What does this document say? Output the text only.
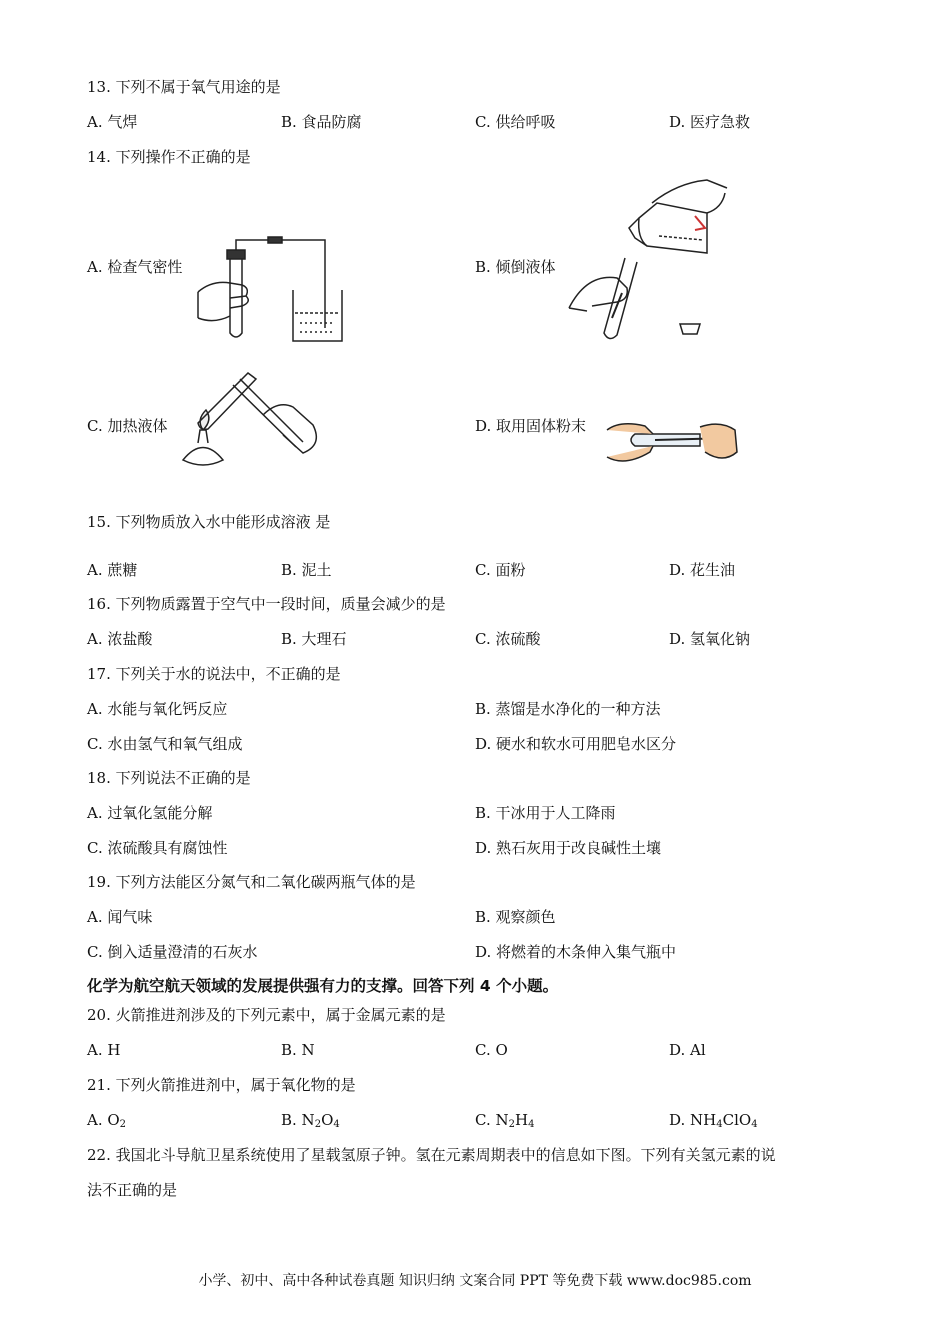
13. 下列不属于氧气用途的是
A. 气焊	B. 食品防腐	C. 供给呼吸	D. 医疗急救
14. 下列操作不正确的是
A. 检查气密性	B. 倾倒液体
C. 加热液体	D. 取用固体粉末
15. 下列物质放入水中能形成溶液 是
A. 蔗糖	B. 泥土	C. 面粉	D. 花生油
16. 下列物质露置于空气中一段时间，质量会减少的是
A. 浓盐酸	B. 大理石	C. 浓硫酸	D. 氢氧化钠
17. 下列关于水的说法中，不正确的是
A. 水能与氧化钙反应	B. 蒸馏是水净化的一种方法
C. 水由氢气和氧气组成	D. 硬水和软水可用肥皂水区分
18. 下列说法不正确的是
A. 过氧化氢能分解	B. 干冰用于人工降雨
C. 浓硫酸具有腐蚀性	D. 熟石灰用于改良碱性土壤
19. 下列方法能区分氮气和二氧化碳两瓶气体的是
A. 闻气味	B. 观察颜色
C. 倒入适量澄清的石灰水	D. 将燃着的木条伸入集气瓶中
化学为航空航天领域的发展提供强有力的支撑。回答下列 4 个小题。
20. 火箭推进剂涉及的下列元素中，属于金属元素的是
A. H	B. N	C. O	D. Al
21. 下列火箭推进剂中，属于氧化物的是
A. $O_2$	B. $N_2O_4$	C. $N_2H_4$	D. $NH_4ClO_4$
22. 我国北斗导航卫星系统使用了星载氢原子钟。氢在元素周期表中的信息如下图。下列有关氢元素的说
法不正确的是
小学、初中、高中各种试卷真题 知识归纳 文案合同 PPT 等免费下载 www.doc985.com
